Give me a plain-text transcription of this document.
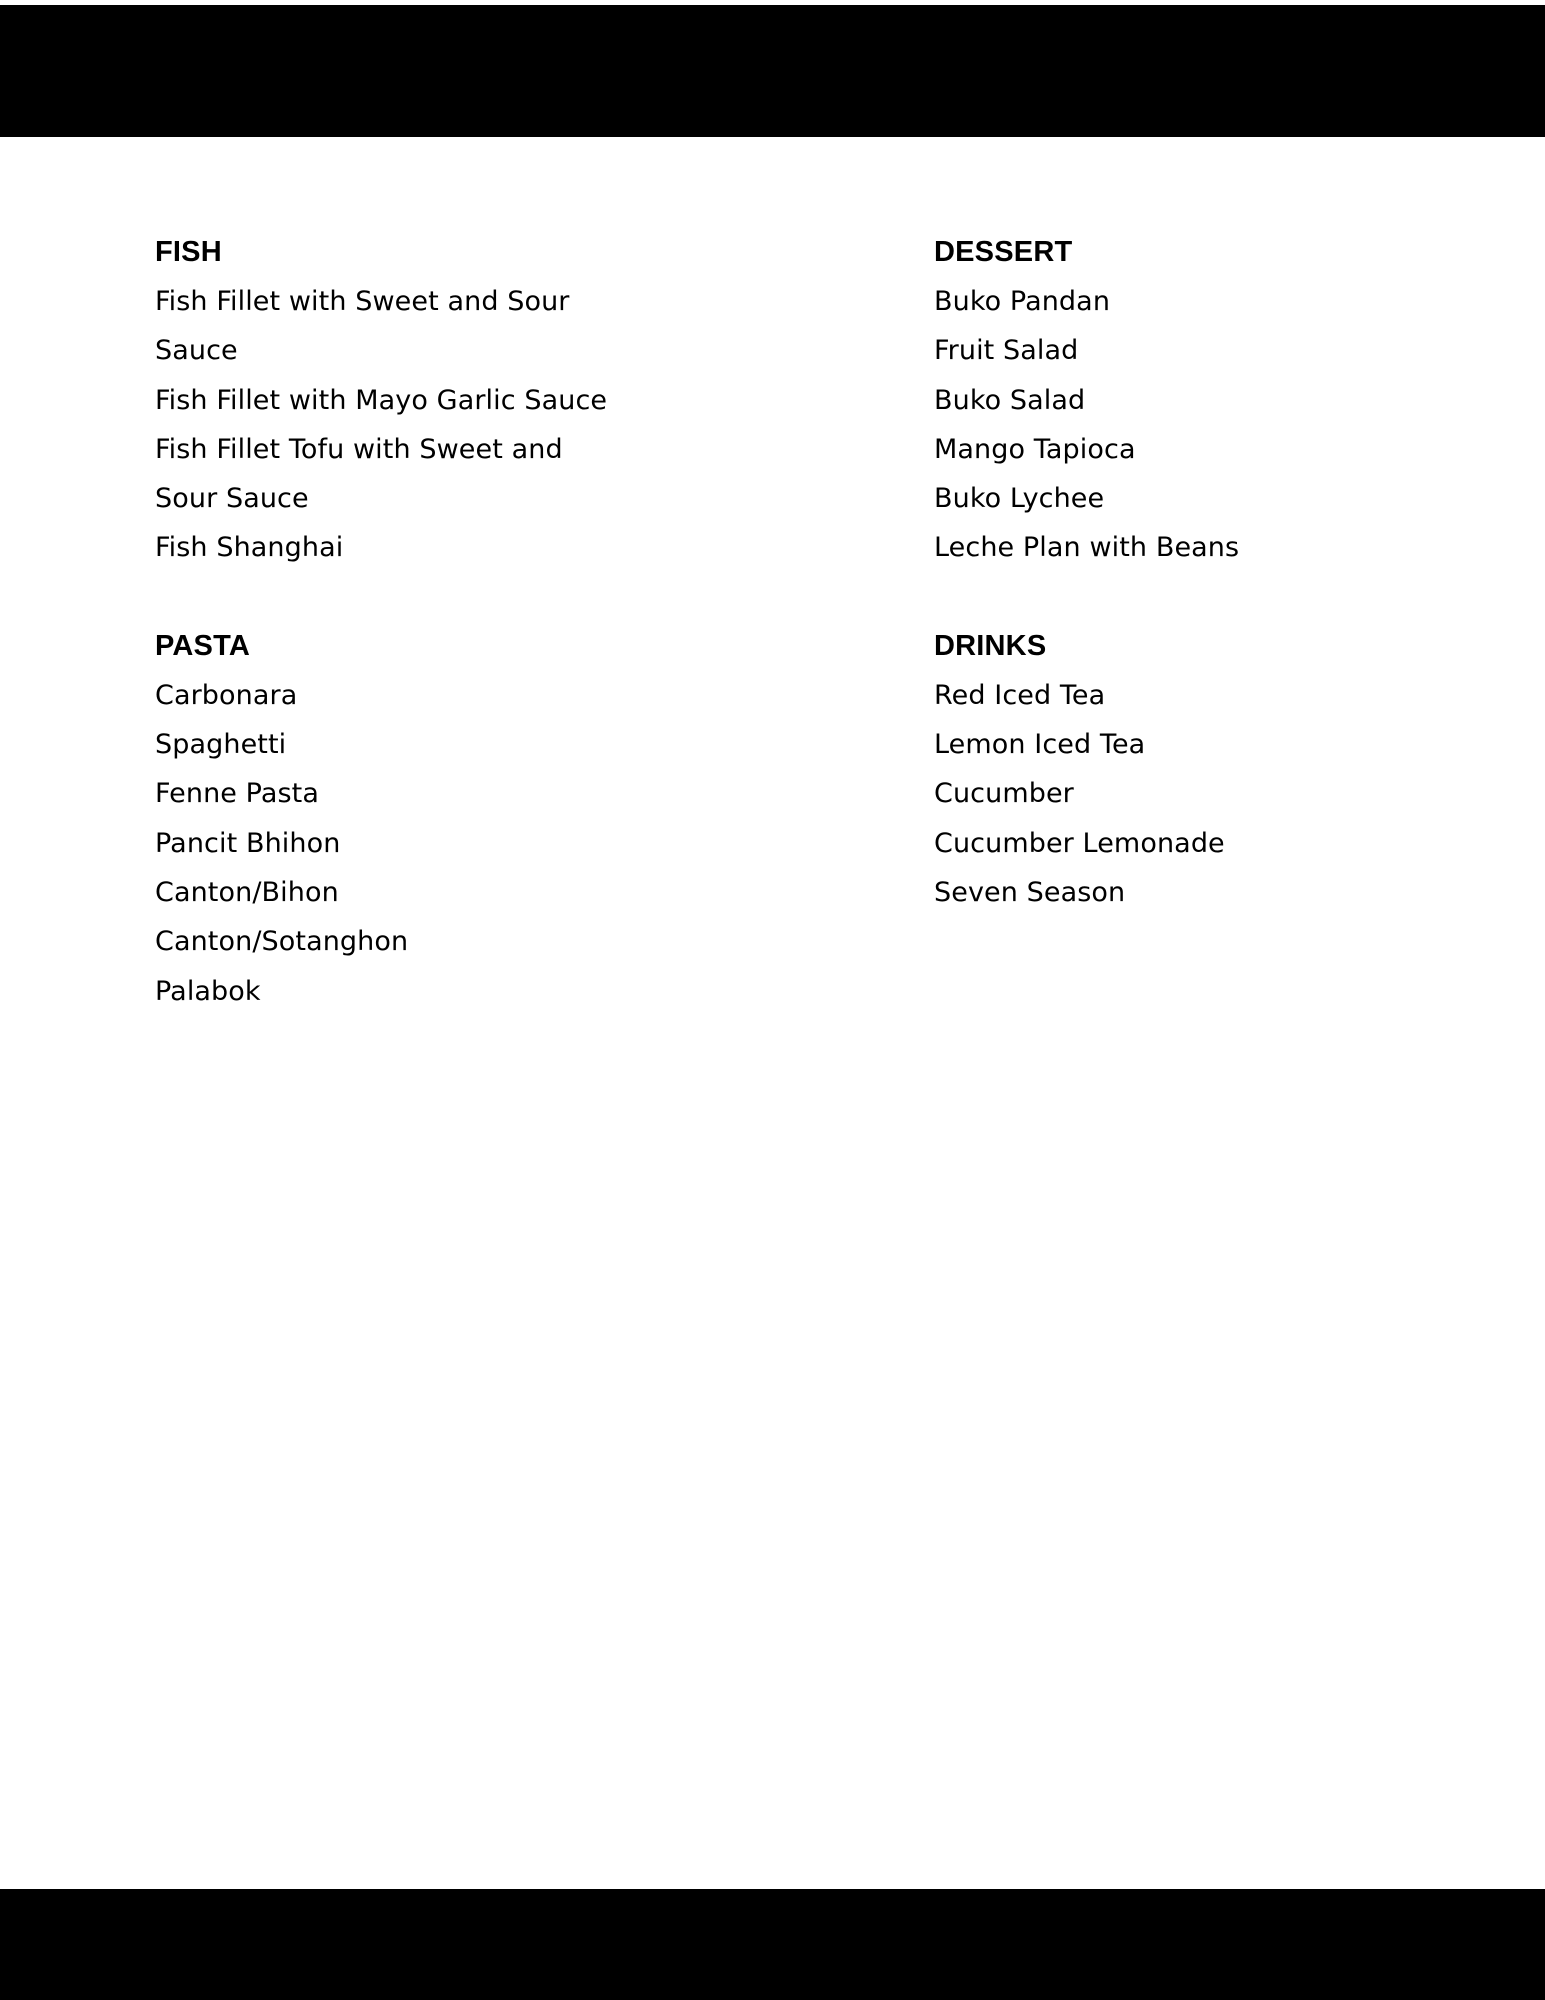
FISH
Fish Fillet with Sweet and Sour Sauce
Fish Fillet with Mayo Garlic Sauce
Fish Fillet Tofu with Sweet and Sour Sauce
Fish Shanghai
PASTA
Carbonara
Spaghetti
Fenne Pasta
Pancit Bhihon
Canton/Bihon
Canton/Sotanghon
Palabok
DESSERT
Buko Pandan
Fruit Salad
Buko Salad
Mango Tapioca
Buko Lychee
Leche Plan with Beans
DRINKS
Red Iced Tea
Lemon Iced Tea
Cucumber
Cucumber Lemonade
Seven Season
